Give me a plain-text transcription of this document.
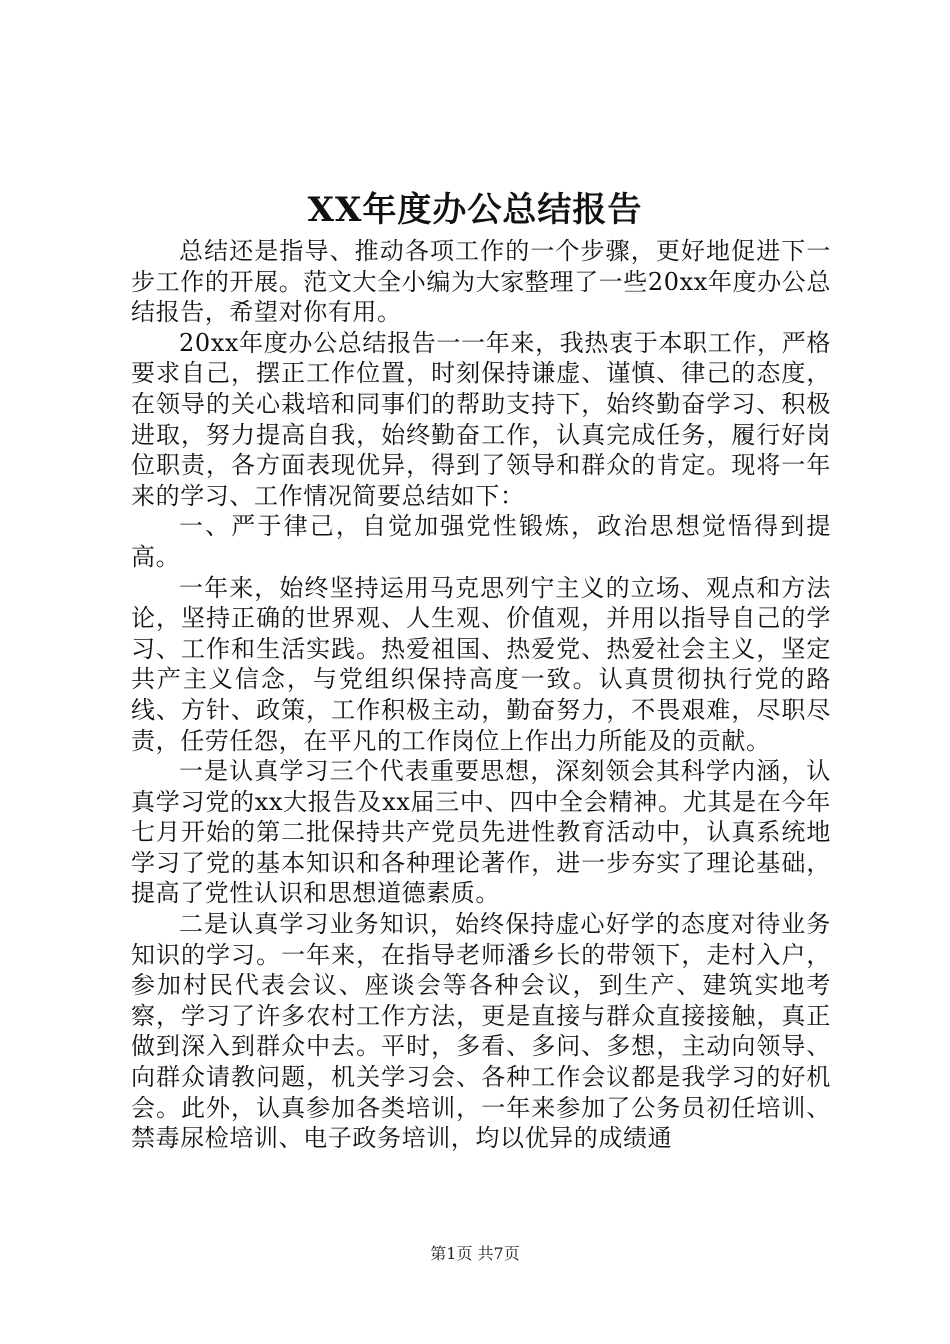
XX年度办公总结报告

总结还是指导、推动各项工作的一个步骤，更好地促进下一步工作的开展。范文大全小编为大家整理了一些20xx年度办公总结报告，希望对你有用。

20xx年度办公总结报告一一年来，我热衷于本职工作，严格要求自己，摆正工作位置，时刻保持谦虚、谨慎、律己的态度，在领导的关心栽培和同事们的帮助支持下，始终勤奋学习、积极进取，努力提高自我，始终勤奋工作，认真完成任务，履行好岗位职责，各方面表现优异，得到了领导和群众的肯定。现将一年来的学习、工作情况简要总结如下：

一、严于律己，自觉加强党性锻炼，政治思想觉悟得到提高。

一年来，始终坚持运用马克思列宁主义的立场、观点和方法论，坚持正确的世界观、人生观、价值观，并用以指导自己的学习、工作和生活实践。热爱祖国、热爱党、热爱社会主义，坚定共产主义信念，与党组织保持高度一致。认真贯彻执行党的路线、方针、政策，工作积极主动，勤奋努力，不畏艰难，尽职尽责，任劳任怨，在平凡的工作岗位上作出力所能及的贡献。

一是认真学习三个代表重要思想，深刻领会其科学内涵，认真学习党的xx大报告及xx届三中、四中全会精神。尤其是在今年七月开始的第二批保持共产党员先进性教育活动中，认真系统地学习了党的基本知识和各种理论著作，进一步夯实了理论基础，提高了党性认识和思想道德素质。

二是认真学习业务知识，始终保持虚心好学的态度对待业务知识的学习。一年来，在指导老师潘乡长的带领下，走村入户，参加村民代表会议、座谈会等各种会议，到生产、建筑实地考察，学习了许多农村工作方法，更是直接与群众直接接触，真正做到深入到群众中去。平时，多看、多问、多想，主动向领导、向群众请教问题，机关学习会、各种工作会议都是我学习的好机会。此外，认真参加各类培训，一年来参加了公务员初任培训、禁毒尿检培训、电子政务培训，均以优异的成绩通

第1页 共7页
